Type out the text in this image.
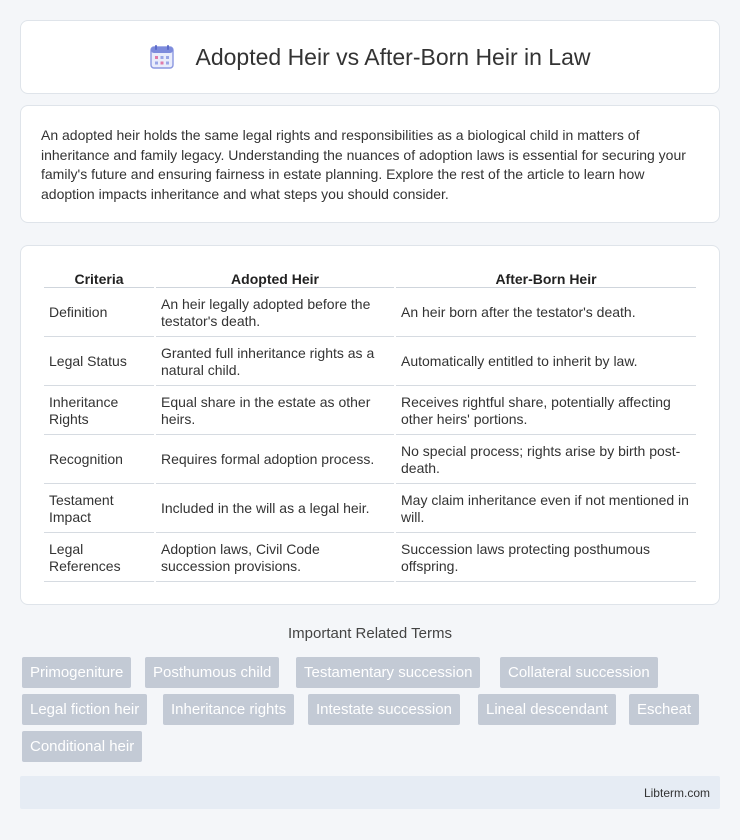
Adopted Heir vs After-Born Heir in Law

An adopted heir holds the same legal rights and responsibilities as a biological child in matters of inheritance and family legacy. Understanding the nuances of adoption laws is essential for securing your family's future and ensuring fairness in estate planning. Explore the rest of the article to learn how adoption impacts inheritance and what steps you should consider.

Criteria	Adopted Heir	After-Born Heir
Definition	An heir legally adopted before the testator's death.	An heir born after the testator's death.
Legal Status	Granted full inheritance rights as a natural child.	Automatically entitled to inherit by law.
Inheritance Rights	Equal share in the estate as other heirs.	Receives rightful share, potentially affecting other heirs' portions.
Recognition	Requires formal adoption process.	No special process; rights arise by birth post-death.
Testament Impact	Included in the will as a legal heir.	May claim inheritance even if not mentioned in will.
Legal References	Adoption laws, Civil Code succession provisions.	Succession laws protecting posthumous offspring.
Important Related Terms
Primogeniture	Posthumous child	Testamentary succession	Collateral succession
Legal fiction heir	Inheritance rights	Intestate succession	Lineal descendant	Escheat
Conditional heir
Libterm.com
